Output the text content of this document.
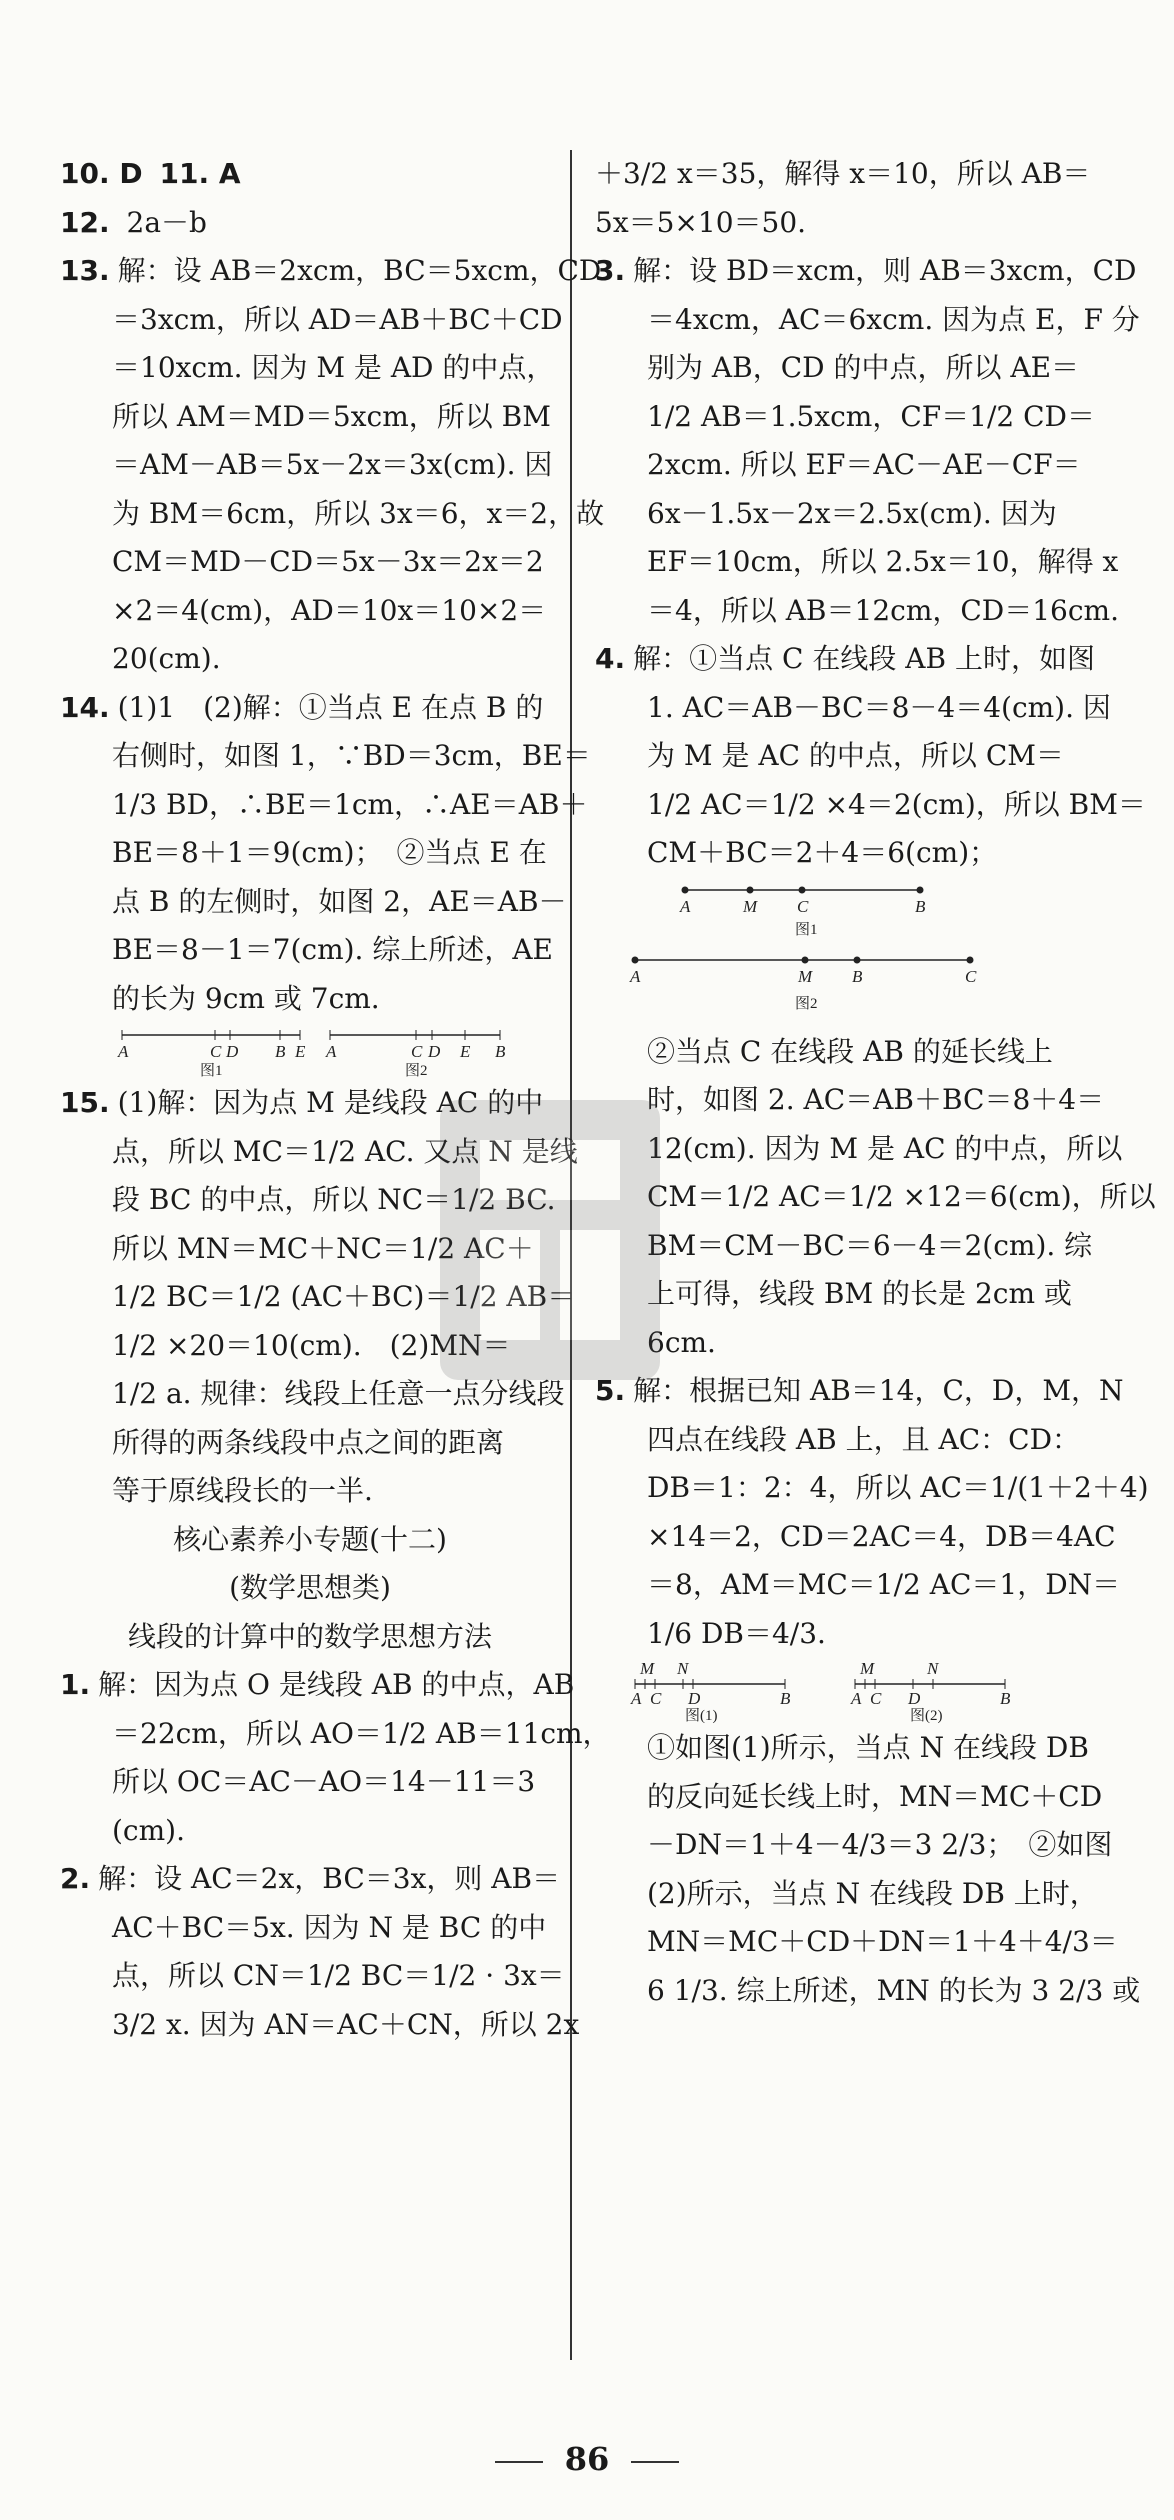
10. D 11. A
12. 2a－b
13. 解：设 AB＝2xcm，BC＝5xcm，CD
＝3xcm，所以 AD＝AB＋BC＋CD
＝10xcm. 因为 M 是 AD 的中点，
所以 AM＝MD＝5xcm，所以 BM
＝AM－AB＝5x－2x＝3x(cm). 因
为 BM＝6cm，所以 3x＝6，x＝2，故
CM＝MD－CD＝5x－3x＝2x＝2
×2＝4(cm)，AD＝10x＝10×2＝
20(cm).
14. (1)1　(2)解：①当点 E 在点 B 的
右侧时，如图 1，∵BD＝3cm，BE＝
1/3 BD，∴BE＝1cm，∴AE＝AB＋
BE＝8＋1＝9(cm)；　②当点 E 在
点 B 的左侧时，如图 2，AE＝AB－
BE＝8－1＝7(cm). 综上所述，AE
的长为 9cm 或 7cm.
A	C D B E
图1
A	C D E B
图2
15. (1)解：因为点 M 是线段 AC 的中
点，所以 MC＝1/2 AC. 又点 N 是线
段 BC 的中点，所以 NC＝1/2 BC.
所以 MN＝MC＋NC＝1/2 AC＋
1/2 BC＝1/2 (AC＋BC)＝1/2 AB＝
1/2 ×20＝10(cm).　(2)MN＝
1/2 a. 规律：线段上任意一点分线段
所得的两条线段中点之间的距离
等于原线段长的一半.
核心素养小专题(十二)
(数学思想类)
线段的计算中的数学思想方法
1. 解：因为点 O 是线段 AB 的中点，AB
＝22cm，所以 AO＝1/2 AB＝11cm，
所以 OC＝AC－AO＝14－11＝3
(cm).
2. 解：设 AC＝2x，BC＝3x，则 AB＝
AC＋BC＝5x. 因为 N 是 BC 的中
点，所以 CN＝1/2 BC＝1/2 · 3x＝
3/2 x. 因为 AN＝AC＋CN，所以 2x
＋3/2 x＝35，解得 x＝10，所以 AB＝
5x＝5×10＝50.
3. 解：设 BD＝xcm，则 AB＝3xcm，CD
＝4xcm，AC＝6xcm. 因为点 E，F 分
别为 AB，CD 的中点，所以 AE＝
1/2 AB＝1.5xcm，CF＝1/2 CD＝
2xcm. 所以 EF＝AC－AE－CF＝
6x－1.5x－2x＝2.5x(cm). 因为
EF＝10cm，所以 2.5x＝10，解得 x
＝4，所以 AB＝12cm，CD＝16cm.
4. 解：①当点 C 在线段 AB 上时，如图
1. AC＝AB－BC＝8－4＝4(cm). 因
为 M 是 AC 的中点，所以 CM＝
1/2 AC＝1/2 ×4＝2(cm)，所以 BM＝
CM＋BC＝2＋4＝6(cm)；
A	M C	B
图1
A	M B	C
图2
②当点 C 在线段 AB 的延长线上
时，如图 2. AC＝AB＋BC＝8＋4＝
12(cm). 因为 M 是 AC 的中点，所以
CM＝1/2 AC＝1/2 ×12＝6(cm)，所以
BM＝CM－BC＝6－4＝2(cm). 综
上可得，线段 BM 的长是 2cm 或
6cm.
5. 解：根据已知 AB＝14，C，D，M，N
四点在线段 AB 上，且 AC：CD：
DB＝1：2：4，所以 AC＝1/(1＋2＋4)
×14＝2，CD＝2AC＝4，DB＝4AC
＝8，AM＝MC＝1/2 AC＝1，DN＝
1/6 DB＝4/3.
M N
A C D	B
图(1)
M	N
A C D	B
图(2)
①如图(1)所示，当点 N 在线段 DB
的反向延长线上时，MN＝MC＋CD
－DN＝1＋4－4/3＝3 2/3；　②如图
(2)所示，当点 N 在线段 DB 上时，
MN＝MC＋CD＋DN＝1＋4＋4/3＝
6 1/3. 综上所述，MN 的长为 3 2/3 或
86
